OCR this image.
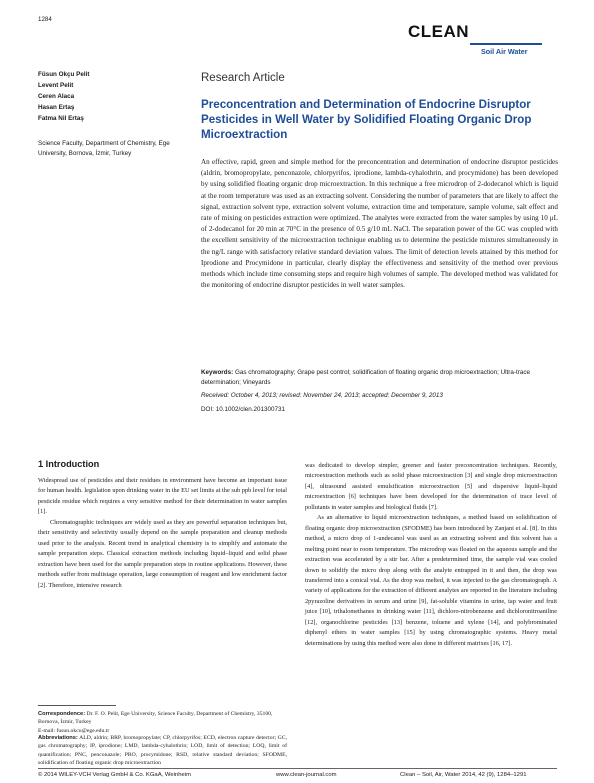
1284
CLEAN
Soil Air Water
Füsun Okçu Pelit
Levent Pelit
Ceren Alaca
Hasan Ertaş
Fatma Nil Ertaş
Science Faculty, Department of Chemistry, Ege University, Bornova, İzmir, Turkey
Research Article
Preconcentration and Determination of Endocrine Disruptor Pesticides in Well Water by Solidified Floating Organic Drop Microextraction
An effective, rapid, green and simple method for the preconcentration and determination of endocrine disruptor pesticides (aldrin, bromopropylate, penconazole, chlorpyrifos, iprodione, lambda-cyhalothrin, and procymidone) has been developed by using solidified floating organic drop microextraction. In this technique a free microdrop of 2-dodecanol which is liquid at the room temperature was used as an extracting solvent. Considering the number of parameters that are likely to affect the signal, extraction solvent type, extraction solvent volume, extraction time and temperature, sample volume, salt effect and rate of mixing on pesticides extraction were optimized. The analytes were extracted from the water samples by using 10 μL of 2-dodecanol for 20 min at 70°C in the presence of 0.5 g/10 mL NaCl. The separation power of the GC was coupled with the excellent sensitivity of the microextraction technique enabling us to determine the pesticide mixtures simultaneously in the ng/L range with satisfactory relative standard deviation values. The limit of detection levels attained by this method for Iprodione and Procymidone in particular, clearly display the effectiveness and sensitivity of the method over previous methods which include time consuming steps and require high volumes of sample. The developed method was validated for the monitoring of endocrine disruptor pesticides in well water samples.
Keywords: Gas chromatography; Grape pest control; solidification of floating organic drop microextraction; Ultra-trace determination; Vineyards
Received: October 4, 2013; revised: November 24, 2013; accepted: December 9, 2013
DOI: 10.1002/clen.201300731
1 Introduction

Widespread use of pesticides and their residues in environment have become an important issue for human health. legislation upon drinking water in the EU set limits at the sub ppb level for total pesticide residue which requires a very sensitive method for their determination in water samples [1].

Chromatographic techniques are widely used as they are powerful separation techniques but, their sensitivity and selectivity usually depend on the sample preparation and cleanup methods used prior to the analysis. Recent trend in analytical chemistry is to simplify and automate the sample preparation steps. Classical extraction methods including liquid–liquid and solid phase extraction have been used for the sample preparation steps in routine applications. However, these methods suffer from multistage operation, large consumption of reagent and low enrichment factor [2]. Therefore, intensive research

was dedicated to develop simpler, greener and faster preconcentration techniques. Recently, microextraction methods such as solid phase microextraction [3] and single drop microextraction [4], ultrasound assisted emulsification microextraction [5] and dispersive liquid–liquid microextraction [6] techniques have been developed for the determination of trace level of pollutants in water samples and biological fluids [7].

As an alternative to liquid microextraction techniques, a method based on solidification of floating organic drop microextraction (SFODME) has been introduced by Zanjani et al. [8]. In this method, a micro drop of 1-undecanol was used as an extracting solvent and this solvent has a melting point near to room temperature. The microdrop was floated on the aqueous sample and the extraction was accelerated by a stir bar. After a predetermined time, the sample vial was cooled down to solidify the micro drop along with the analyte entrapped in it and then, the drop was transferred into a conical vial. As the drop was melted, it was injected to the gas chromatograph. A variety of applications for the extraction of different analytes are reported in the literature including 2pyrazoline derivatives in serum and urine [9], fat-soluble vitamins in urine, tap water and fruit juice [10], trihalomethanes in drinking water [11], dichloro-nitrobenzene and dichloronitroaniline [12], organochlorine pesticides [13] benzene, toluene and xylene [14], and polybrominated diphenyl ethers in water samples [15] by using chromatographic systems. Heavy metal determinations by using this method were also done in different matrixes [16, 17].

Correspondence: Dr. F. O. Pelit, Ege University, Science Faculty, Department of Chemistry, 35100, Bornova, İzmir, Turkey
E-mail: fusun.okcu@ege.edu.tr
Abbreviations: ALD, aldrin; BRP, bromopropylate; CP, chlorpyrifos; ECD, electron capture detector; GC, gas chromatography; IP, iprodione; LMD, lambda-cyhalothrin; LOD, limit of detection; LOQ, limit of quantification; PNC, penconazole; PRO, procymidone; RSD, relative standard deviation; SFODME, solidification of floating organic drop microextraction
© 2014 WILEY-VCH Verlag GmbH & Co. KGaA, Weinheim	www.clean-journal.com	Clean – Soil, Air, Water 2014, 42 (9), 1284–1291
